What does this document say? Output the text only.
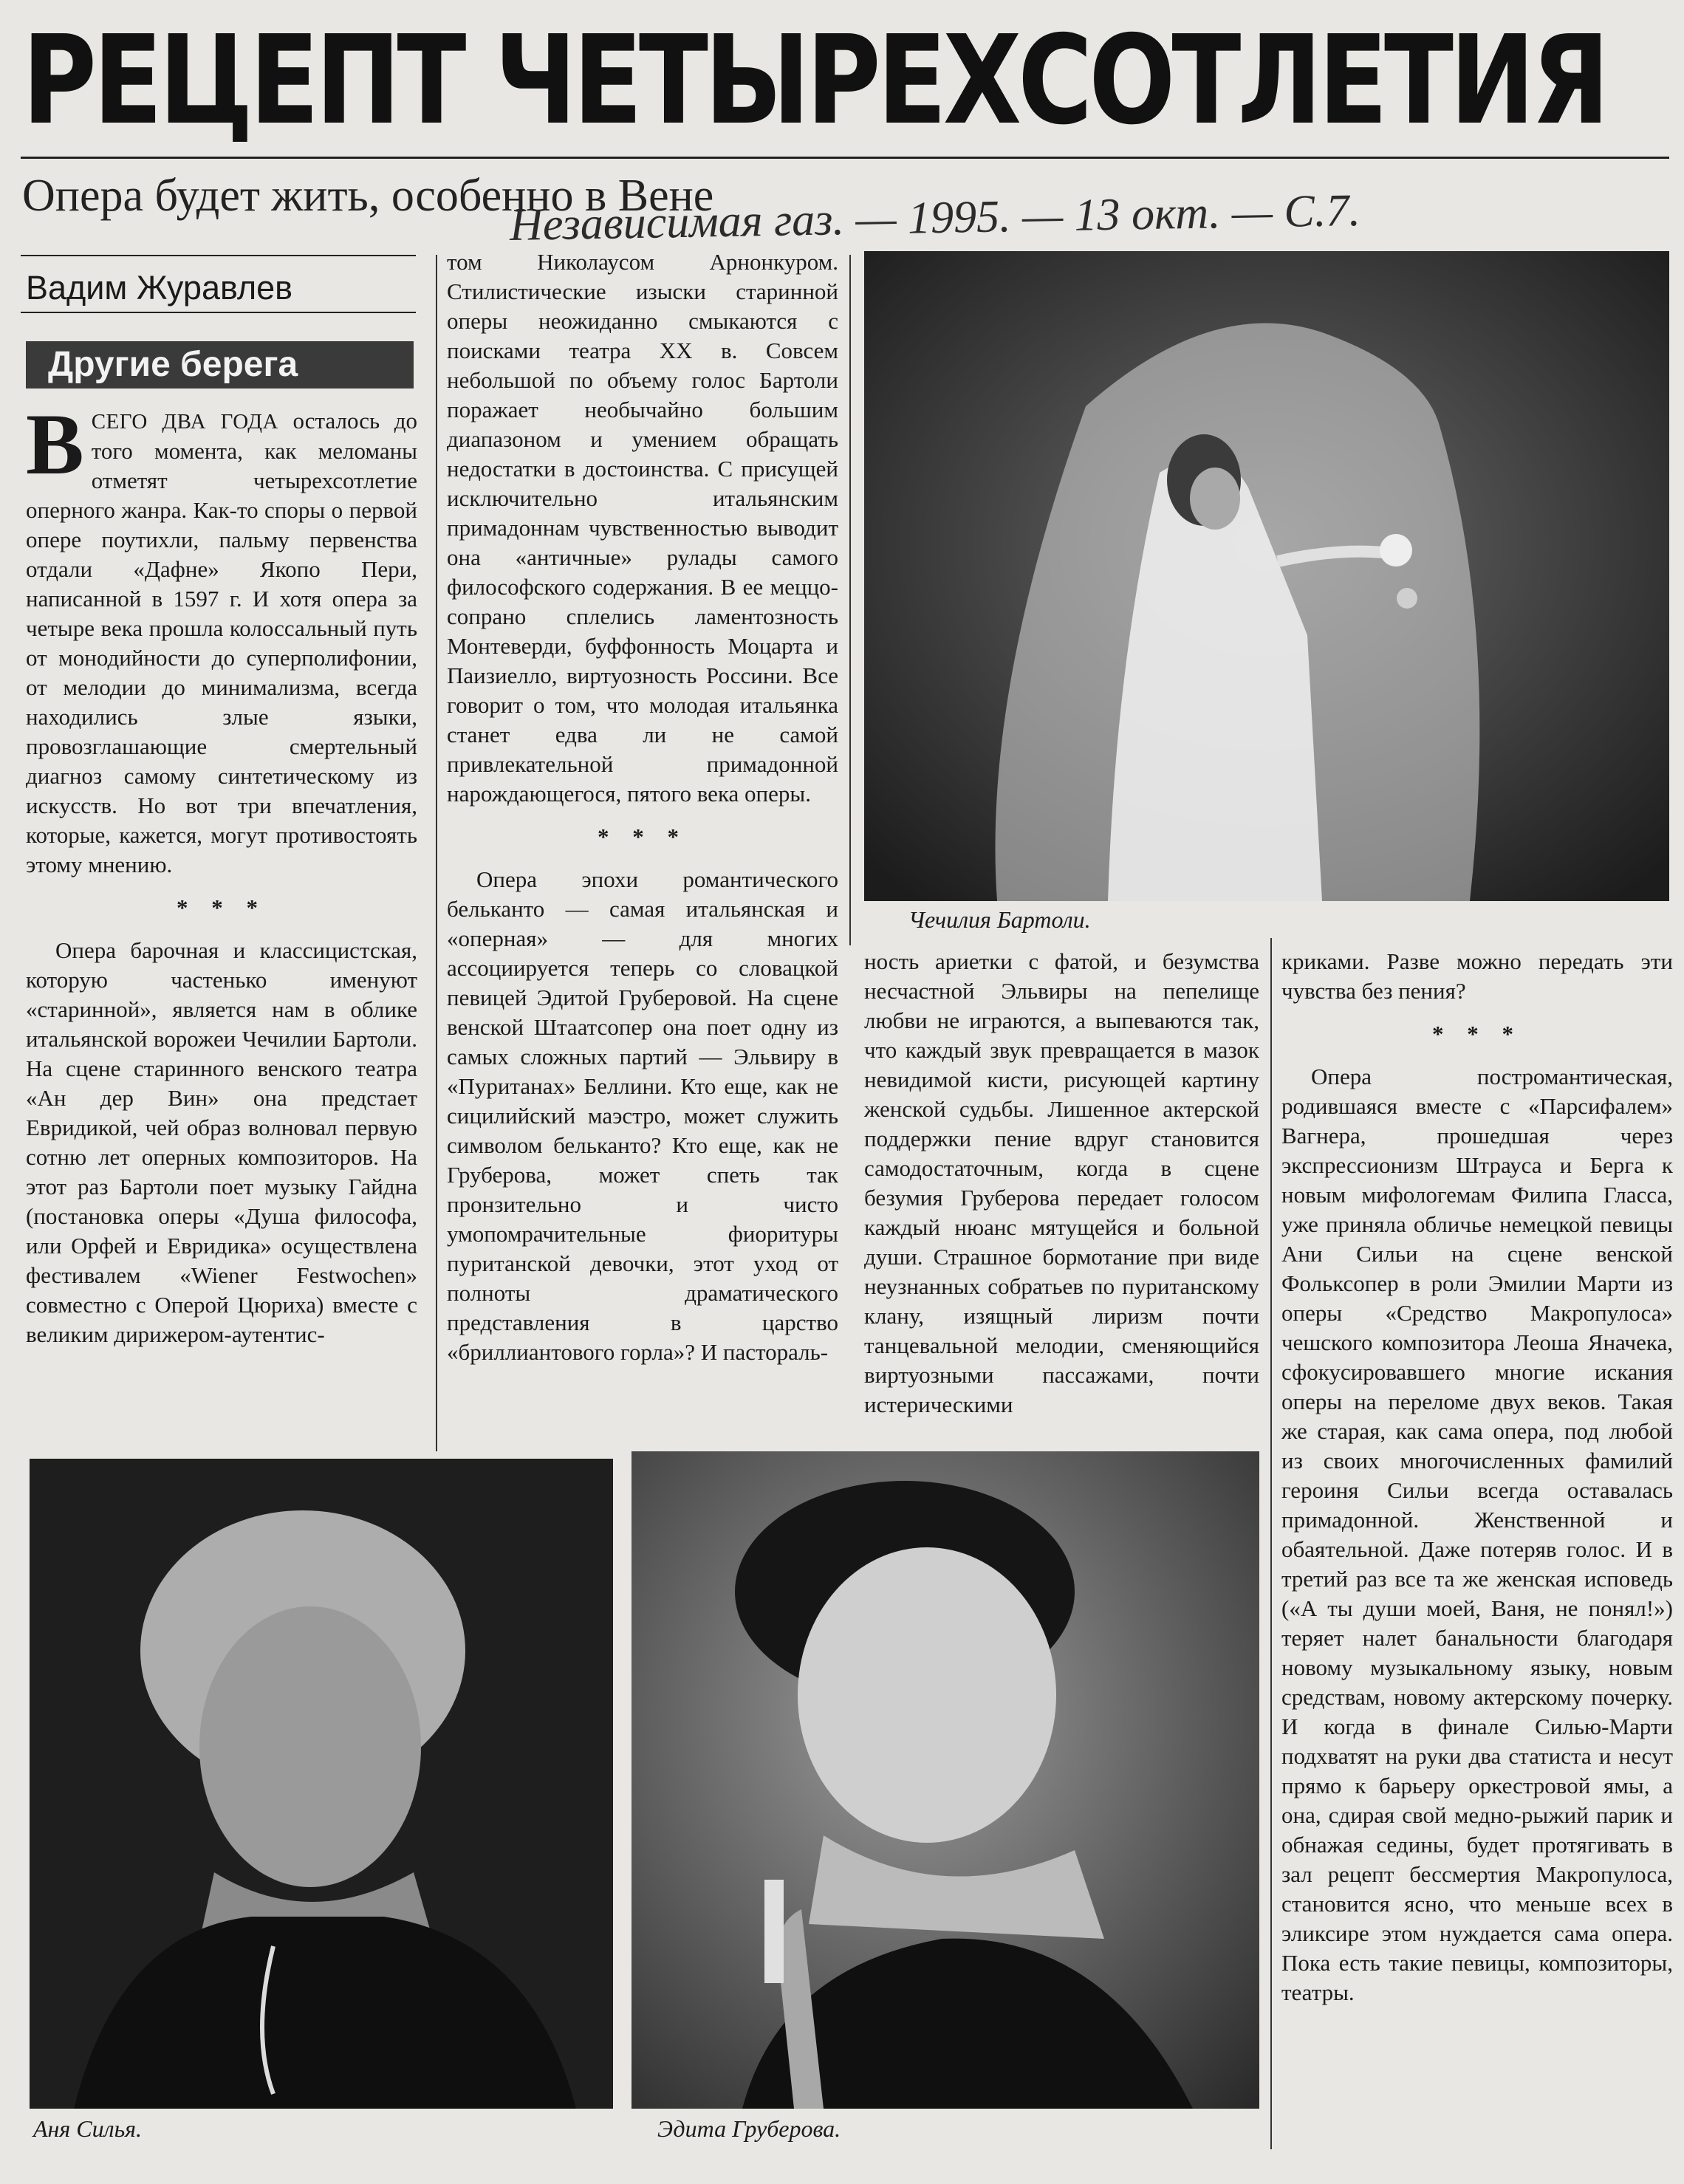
РЕЦЕПТ ЧЕТЫРЕХСОТЛЕТИЯ
Опера будет жить, особенно в Вене
Независимая газ. — 1995. — 13 окт. — С.7.
Вадим Журавлев
Другие берега

ВСЕГО ДВА ГОДА осталось до того момента, как меломаны отметят четырехсотлетие оперного жанра. Как-то споры о первой опере поутихли, пальму первенства отдали «Дафне» Якопо Пери, написанной в 1597 г. И хотя опера за четыре века прошла колоссальный путь от монодийности до суперполифонии, от мелодии до минимализма, всегда находились злые языки, провозглашающие смертельный диагноз самому синтетическому из искусств. Но вот три впечатления, которые, кажется, могут противостоять этому мнению.

* * *

Опера барочная и классицистская, которую частенько именуют «старинной», является нам в облике итальянской ворожеи Чечилии Бартоли. На сцене старинного венского театра «Ан дер Вин» она предстает Евридикой, чей образ волновал первую сотню лет оперных композиторов. На этот раз Бартоли поет музыку Гайдна (постановка оперы «Душа философа, или Орфей и Евридика» осуществлена фестивалем «Wiener Festwochen» совместно с Оперой Цюриха) вместе с великим дирижером-аутентис-

том Николаусом Арнонкуром. Стилистические изыски старинной оперы неожиданно смыкаются с поисками театра XX в. Совсем небольшой по объему голос Бартоли поражает необычайно большим диапазоном и умением обращать недостатки в достоинства. С присущей исключительно итальянским примадоннам чувственностью выводит она «античные» рулады самого философского содержания. В ее меццо-сопрано сплелись ламентозность Монтеверди, буффонность Моцарта и Паизиелло, виртуозность Россини. Все говорит о том, что молодая итальянка станет едва ли не самой привлекательной примадонной нарождающегося, пятого века оперы.

* * *

Опера эпохи романтического бельканто — самая итальянская и «оперная» — для многих ассоциируется теперь со словацкой певицей Эдитой Груберовой. На сцене венской Штаатсопер она поет одну из самых сложных партий — Эльвиру в «Пуританах» Беллини. Кто еще, как не сицилийский маэстро, может служить символом бельканто? Кто еще, как не Груберова, может спеть так пронзительно и чисто умопомрачительные фиоритуры пуританской девочки, этот уход от полноты драматического представления в царство «бриллиантового горла»? И пастораль-

Чечилия Бартоли.

ность ариетки с фатой, и безумства несчастной Эльвиры на пепелище любви не играются, а выпеваются так, что каждый звук превращается в мазок невидимой кисти, рисующей картину женской судьбы. Лишенное актерской поддержки пение вдруг становится самодостаточным, когда в сцене безумия Груберова передает голосом каждый нюанс мятущейся и больной души. Страшное бормотание при виде неузнанных собратьев по пуританскому клану, изящный лиризм почти танцевальной мелодии, сменяющийся виртуозными пассажами, почти истерическими

криками. Разве можно передать эти чувства без пения?

* * *

Опера постромантическая, родившаяся вместе с «Парсифалем» Вагнера, прошедшая через экспрессионизм Штрауса и Берга к новым мифологемам Филипа Гласса, уже приняла обличье немецкой певицы Ани Сильи на сцене венской Фольксопер в роли Эмилии Марти из оперы «Средство Макропулоса» чешского композитора Леоша Яначека, сфокусировавшего многие искания оперы на переломе двух веков. Такая же старая, как сама опера, под любой из своих многочисленных фамилий героиня Сильи всегда оставалась примадонной. Женственной и обаятельной. Даже потеряв голос. И в третий раз все та же женская исповедь («А ты души моей, Ваня, не понял!») теряет налет банальности благодаря новому музыкальному языку, новым средствам, новому актерскому почерку. И когда в финале Силью-Марти подхватят на руки два статиста и несут прямо к барьеру оркестровой ямы, а она, сдирая свой медно-рыжий парик и обнажая седины, будет протягивать в зал рецепт бессмертия Макропулоса, становится ясно, что меньше всех в эликсире этом нуждается сама опера. Пока есть такие певицы, композиторы, театры.

Аня Силья.	Эдита Груберова.
